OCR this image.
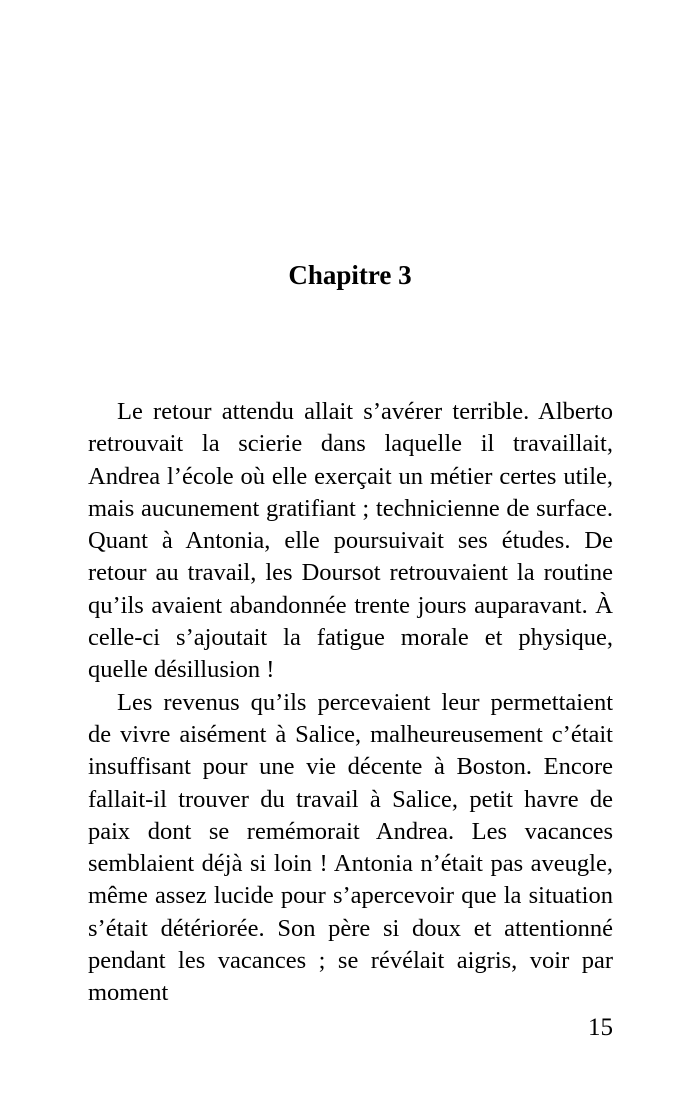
Chapitre 3

Le retour attendu allait s’avérer terrible. Alberto retrouvait la scierie dans laquelle il travaillait, Andrea l’école où elle exerçait un métier certes utile, mais aucunement gratifiant ; technicienne de surface. Quant à Antonia, elle poursuivait ses études. De retour au travail, les Doursot retrouvaient la routine qu’ils avaient abandonnée trente jours auparavant. À celle-ci s’ajoutait la fatigue morale et physique, quelle désillusion !

Les revenus qu’ils percevaient leur permettaient de vivre aisément à Salice, malheureusement c’était insuffisant pour une vie décente à Boston. Encore fallait-il trouver du travail à Salice, petit havre de paix dont se remémorait Andrea. Les vacances semblaient déjà si loin ! Antonia n’était pas aveugle, même assez lucide pour s’apercevoir que la situation s’était détériorée. Son père si doux et attentionné pendant les vacances ; se révélait aigris, voir par moment

15
